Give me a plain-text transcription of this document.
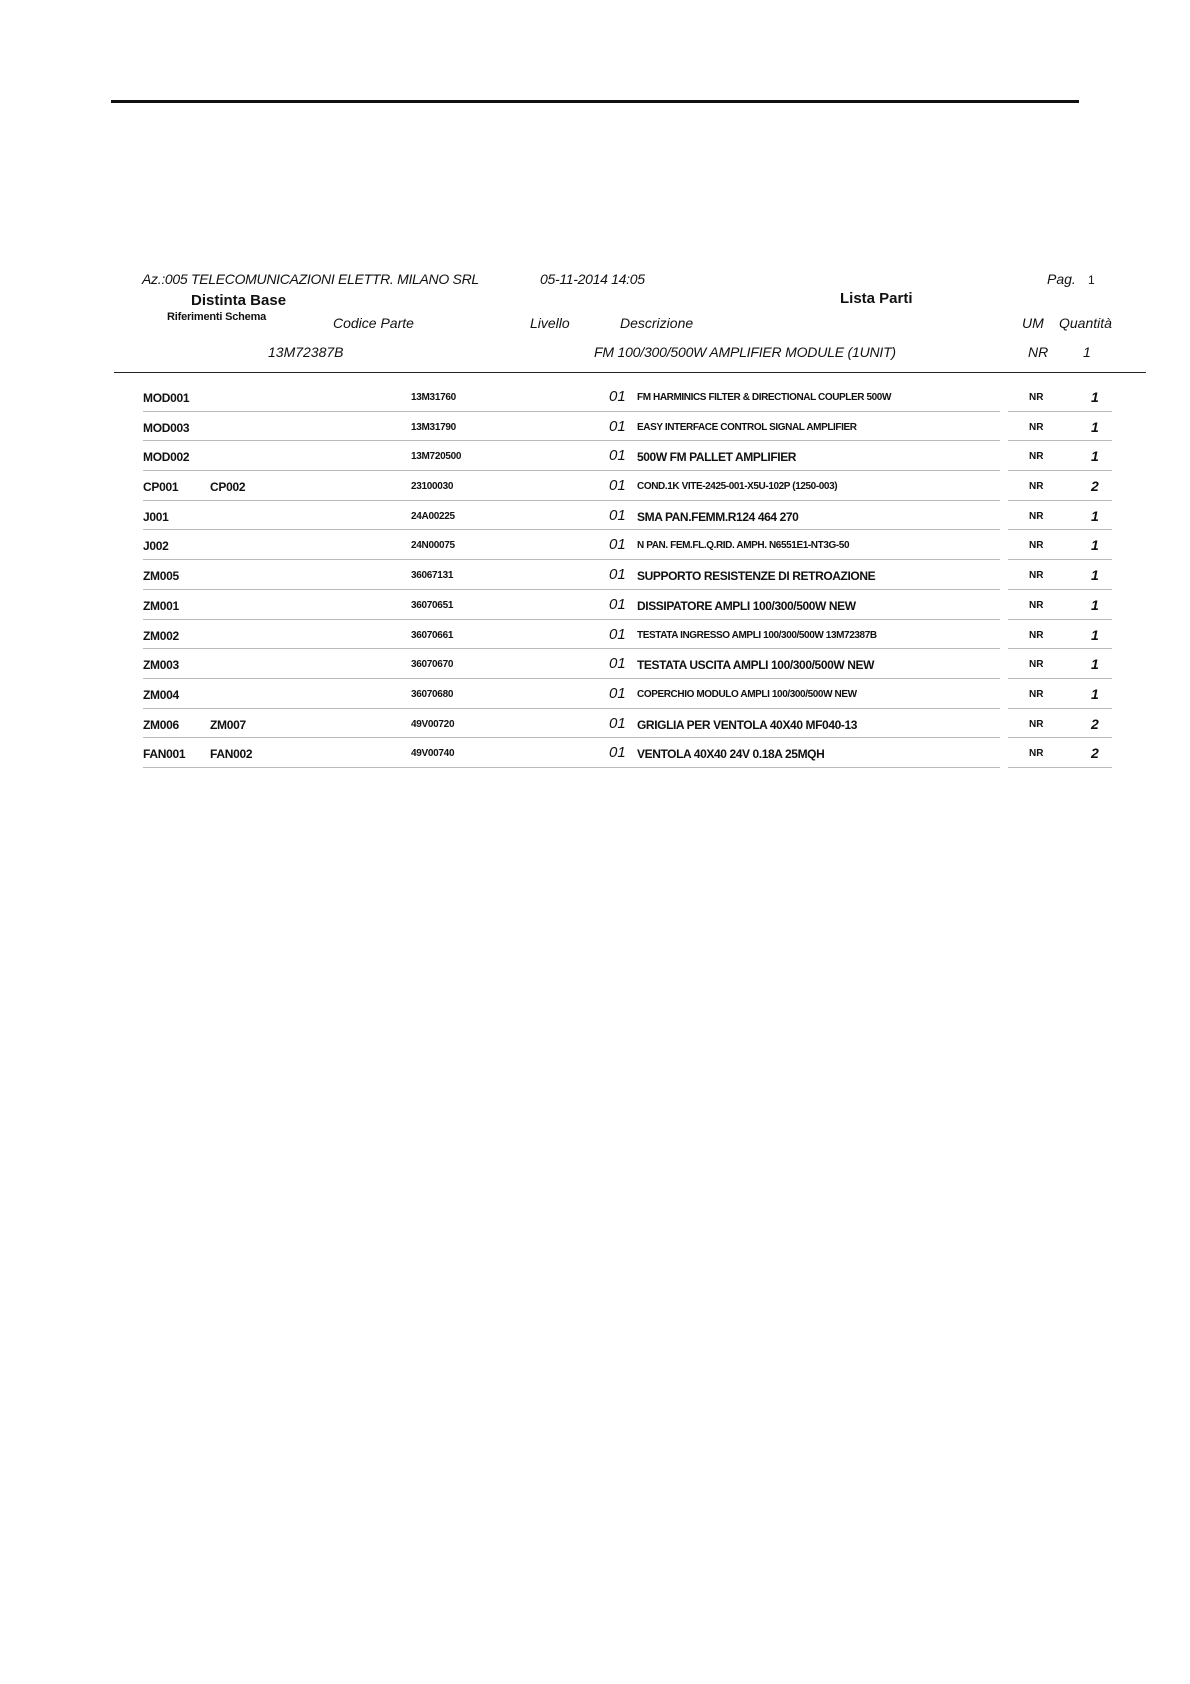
Az.:005 TELECOMUNICAZIONI ELETTR. MILANO SRL	05-11-2014 14:05	Pag. 1
Distinta Base	Lista Parti
Riferimenti Schema	Codice Parte	Livello	Descrizione	UM Quantità
13M72387B	FM 100/300/500W AMPLIFIER MODULE (1UNIT)	NR 1
MOD001	13M31760	01 FM HARMINICS FILTER & DIRECTIONAL COUPLER 500W	NR	1
MOD003	13M31790	01 EASY INTERFACE CONTROL SIGNAL AMPLIFIER	NR	1
MOD002	13M720500	01 500W FM PALLET AMPLIFIER	NR	1
CP001	CP002	23100030	01 COND.1K VITE-2425-001-X5U-102P (1250-003)	NR	2
J001	24A00225	01 SMA PAN.FEMM.R124 464 270	NR	1
J002	24N00075	01 N PAN. FEM.FL.Q.RID. AMPH. N6551E1-NT3G-50	NR	1
ZM005	36067131	01 SUPPORTO RESISTENZE DI RETROAZIONE	NR	1
ZM001	36070651	01 DISSIPATORE AMPLI 100/300/500W NEW	NR	1
ZM002	36070661	01 TESTATA INGRESSO AMPLI 100/300/500W 13M72387B	NR	1
ZM003	36070670	01 TESTATA USCITA AMPLI 100/300/500W NEW	NR	1
ZM004	36070680	01 COPERCHIO MODULO AMPLI 100/300/500W NEW	NR	1
ZM006	ZM007	49V00720	01 GRIGLIA PER VENTOLA 40X40 MF040-13	NR	2
FAN001 FAN002	49V00740	01 VENTOLA 40X40 24V 0.18A 25MQH	NR	2
